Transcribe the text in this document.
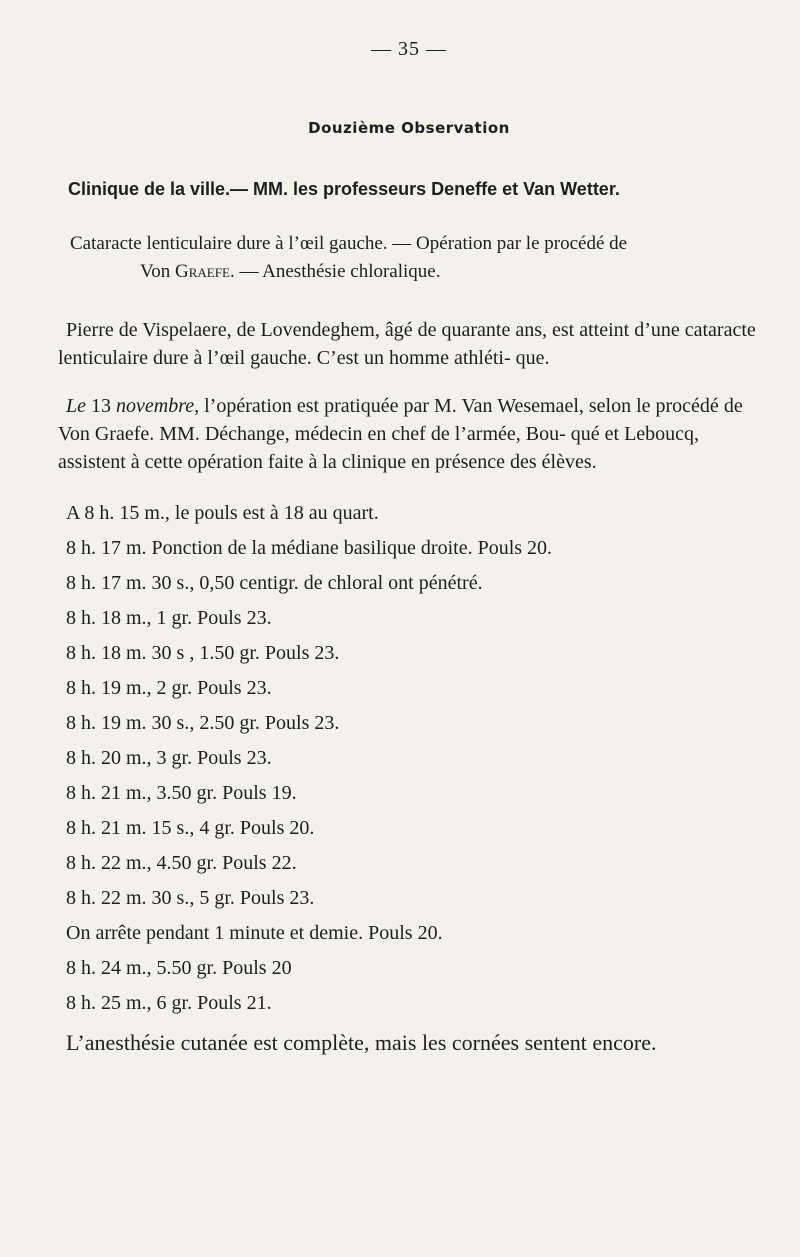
— 35 —
Douzième Observation
Clinique de la ville.— MM. les professeurs Deneffe et Van Wetter.
Cataracte lenticulaire dure à l’œil gauche. — Opération par le procédé de
Von Graefe. — Anesthésie chloralique.

Pierre de Vispelaere, de Lovendeghem, âgé de quarante ans, est atteint d’une cataracte lenticulaire dure à l’œil gauche. C’est un homme athléti- que.

Le 13 novembre, l’opération est pratiquée par M. Van Wesemael, selon le procédé de Von Graefe. MM. Déchange, médecin en chef de l’armée, Bou- qué et Leboucq, assistent à cette opération faite à la clinique en présence des élèves.

A 8 h. 15 m., le pouls est à 18 au quart.
8 h. 17 m. Ponction de la médiane basilique droite. Pouls 20.
8 h. 17 m. 30 s., 0,50 centigr. de chloral ont pénétré.
8 h. 18 m., 1 gr. Pouls 23.
8 h. 18 m. 30 s , 1.50 gr. Pouls 23.
8 h. 19 m., 2 gr. Pouls 23.
8 h. 19 m. 30 s., 2.50 gr. Pouls 23.
8 h. 20 m., 3 gr. Pouls 23.
8 h. 21 m., 3.50 gr. Pouls 19.
8 h. 21 m. 15 s., 4 gr. Pouls 20.
8 h. 22 m., 4.50 gr. Pouls 22.
8 h. 22 m. 30 s., 5 gr. Pouls 23.
On arrête pendant 1 minute et demie. Pouls 20.
8 h. 24 m., 5.50 gr. Pouls 20
8 h. 25 m., 6 gr. Pouls 21.
L’anesthésie cutanée est complète, mais les cornées sentent encore.
